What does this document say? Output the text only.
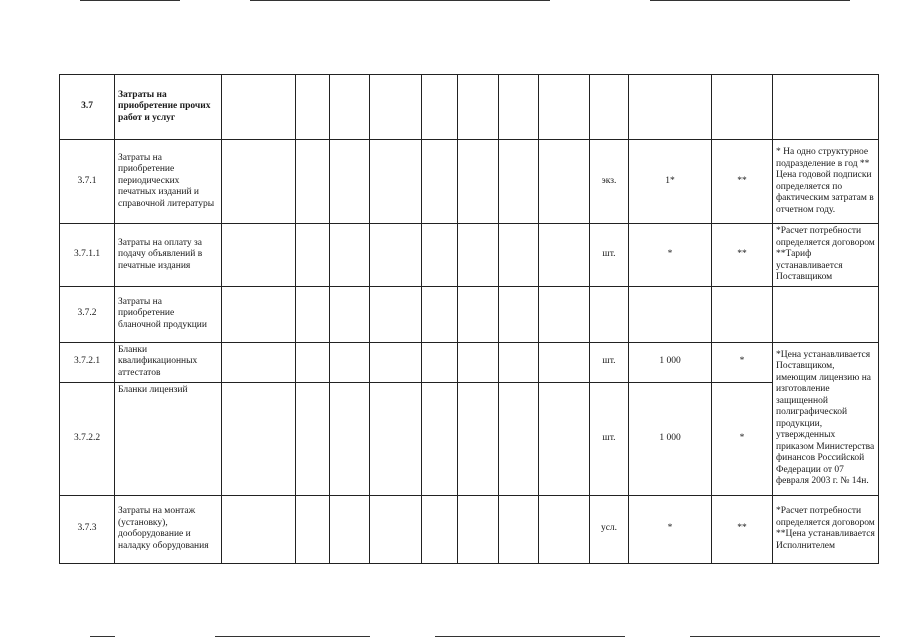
3.7	Затраты на приобретение прочих работ и услуг												
3.7.1	Затраты на приобретение периодических печатных изданий и справочной литературы									экз.	1*	**	* На одно структурное подразделение в год ** Цена годовой подписки определяется по фактическим затратам в отчетном году.
3.7.1.1	Затраты на оплату за подачу объявлений в печатные издания									шт.	*	**	*Расчет потребности определяется договором **Тариф устанавливается Поставщиком
3.7.2	Затраты на приобретение бланочной продукции												
3.7.2.1	Бланки квалификационных аттестатов									шт.	1 000	*	*Цена устанавливается Поставщиком, имеющим лицензию на изготовление защищенной полиграфической продукции, утвержденных приказом Министерства финансов Российской Федерации от 07 февраля 2003 г. № 14н.
3.7.2.2	Бланки лицензий									шт.	1 000	*	
3.7.3	Затраты на монтаж (установку), дооборудование и наладку оборудования									усл.	*	**	*Расчет потребности определяется договором **Цена устанавливается Исполнителем
